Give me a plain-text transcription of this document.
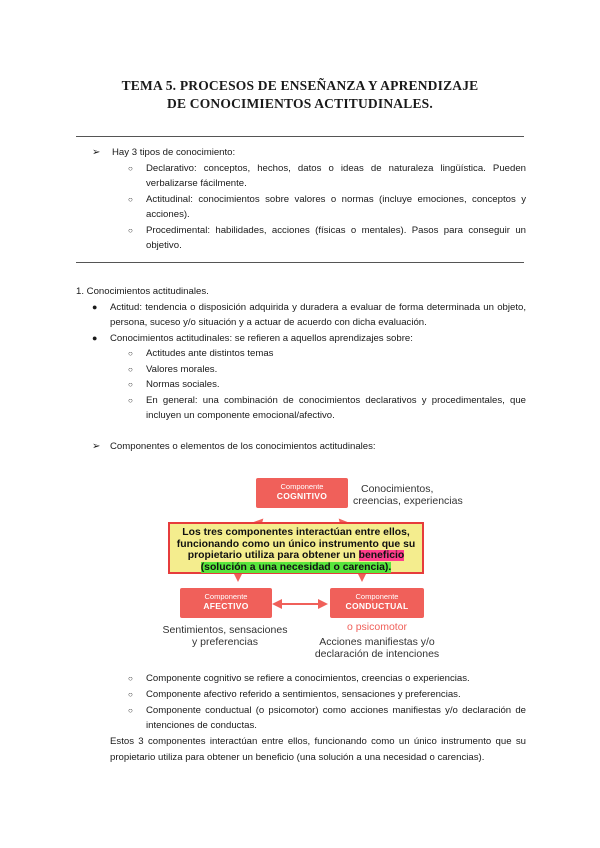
TEMA 5. PROCESOS DE ENSEÑANZA Y APRENDIZAJE
DE CONOCIMIENTOS ACTITUDINALES.
➢ Hay 3 tipos de conocimiento:
○ Declarativo: conceptos, hechos, datos o ideas de naturaleza lingüística. Pueden verbalizarse fácilmente.
○ Actitudinal: conocimientos sobre valores o normas (incluye emociones, conceptos y acciones).
○ Procedimental: habilidades, acciones (físicas o mentales). Pasos para conseguir un objetivo.
1. Conocimientos actitudinales.
● Actitud: tendencia o disposición adquirida y duradera a evaluar de forma determinada un objeto, persona, suceso y/o situación y a actuar de acuerdo con dicha evaluación.
● Conocimientos actitudinales: se refieren a aquellos aprendizajes sobre:
○ Actitudes ante distintos temas
○ Valores morales.
○ Normas sociales.
○ En general: una combinación de conocimientos declarativos y procedimentales, que incluyen un componente emocional/afectivo.
➢ Componentes o elementos de los conocimientos actitudinales:
Componente
COGNITIVO
Conocimientos,
creencias, experiencias
Los tres componentes interactúan entre ellos,
funcionando como un único instrumento que su
propietario utiliza para obtener un beneficio
(solución a una necesidad o carencia).
Componente
AFECTIVO
Componente
CONDUCTUAL
Sentimientos, sensaciones
y preferencias
o psicomotor
Acciones manifiestas y/o
declaración de intenciones
○ Componente cognitivo se refiere a conocimientos, creencias o experiencias.
○ Componente afectivo referido a sentimientos, sensaciones y preferencias.
○ Componente conductual (o psicomotor) como acciones manifiestas y/o declaración de intenciones de conductas.
Estos 3 componentes interactúan entre ellos, funcionando como un único instrumento que su propietario utiliza para obtener un beneficio (una solución a una necesidad o carencias).
